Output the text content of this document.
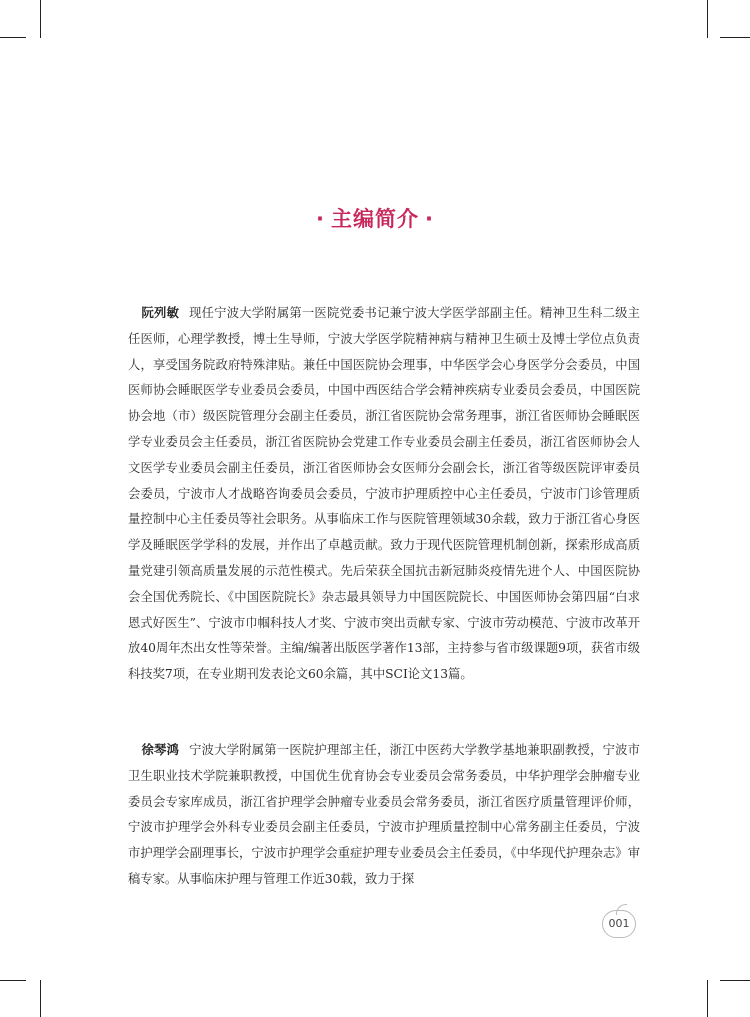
· 主编简介 ·
阮列敏 现任宁波大学附属第一医院党委书记兼宁波大学医学部副主任。精神卫生科二级主任医师，心理学教授，博士生导师，宁波大学医学院精神病与精神卫生硕士及博士学位点负责人，享受国务院政府特殊津贴。兼任中国医院协会理事，中华医学会心身医学分会委员，中国医师协会睡眠医学专业委员会委员，中国中西医结合学会精神疾病专业委员会委员，中国医院协会地（市）级医院管理分会副主任委员，浙江省医院协会常务理事，浙江省医师协会睡眠医学专业委员会主任委员，浙江省医院协会党建工作专业委员会副主任委员，浙江省医师协会人文医学专业委员会副主任委员，浙江省医师协会女医师分会副会长，浙江省等级医院评审委员会委员，宁波市人才战略咨询委员会委员，宁波市护理质控中心主任委员，宁波市门诊管理质量控制中心主任委员等社会职务。从事临床工作与医院管理领域30余载，致力于浙江省心身医学及睡眠医学学科的发展，并作出了卓越贡献。致力于现代医院管理机制创新，探索形成高质量党建引领高质量发展的示范性模式。先后荣获全国抗击新冠肺炎疫情先进个人、中国医院协会全国优秀院长、《中国医院院长》杂志最具领导力中国医院院长、中国医师协会第四届“白求恩式好医生”、宁波市巾帼科技人才奖、宁波市突出贡献专家、宁波市劳动模范、宁波市改革开放40周年杰出女性等荣誉。主编/编著出版医学著作13部，主持参与省市级课题9项，获省市级科技奖7项，在专业期刊发表论文60余篇，其中SCI论文13篇。
徐琴鸿 宁波大学附属第一医院护理部主任，浙江中医药大学教学基地兼职副教授，宁波市卫生职业技术学院兼职教授，中国优生优育协会专业委员会常务委员，中华护理学会肿瘤专业委员会专家库成员，浙江省护理学会肿瘤专业委员会常务委员，浙江省医疗质量管理评价师，宁波市护理学会外科专业委员会副主任委员，宁波市护理质量控制中心常务副主任委员，宁波市护理学会副理事长，宁波市护理学会重症护理专业委员会主任委员，《中华现代护理杂志》审稿专家。从事临床护理与管理工作近30载，致力于探
001
